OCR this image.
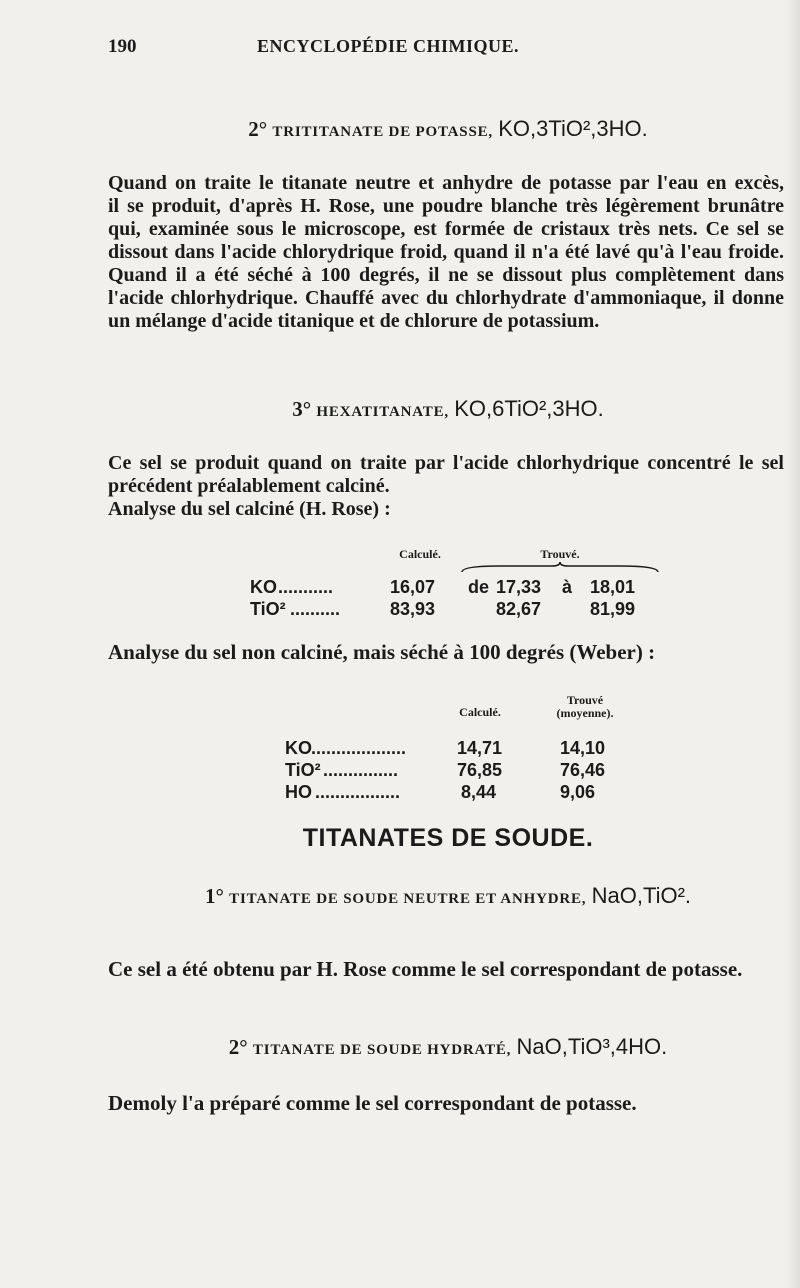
190	ENCYCLOPÉDIE CHIMIQUE.
2° TRITITANATE DE POTASSE, KO,3TiO²,3HO.
Quand on traite le titanate neutre et anhydre de potasse par l'eau en excès,
il se produit, d'après H. Rose, une poudre blanche très légèrement brunâtre
qui, examinée sous le microscope, est formée de cristaux très nets. Ce sel se
dissout dans l'acide chlorydrique froid, quand il n'a été lavé qu'à l'eau froide.
Quand il a été séché à 100 degrés, il ne se dissout plus complètement dans
l'acide chlorhydrique. Chauffé avec du chlorhydrate d'ammoniaque, il donne
un mélange d'acide titanique et de chlorure de potassium.
3° HEXATITANATE, KO,6TiO²,3HO.
Ce sel se produit quand on traite par l'acide chlorhydrique concentré le sel
précédent préalablement calciné.
Analyse du sel calciné (H. Rose) :
Calculé.	Trouvé.
KO ...........	16,07 de 17,33 à 18,01
TiO² ..........	83,93	82,67	81,99
Analyse du sel non calciné, mais séché à 100 degrés (Weber) :
Calculé.
Trouvé
(moyenne).
KO ...................	14,71	14,10
TiO² ...............	76,85	76,46
HO .................	8,44	9,06
TITANATES DE SOUDE.
1° TITANATE DE SOUDE NEUTRE ET ANHYDRE, NaO,TiO².
Ce sel a été obtenu par H. Rose comme le sel correspondant de potasse.
2° TITANATE DE SOUDE HYDRATÉ, NaO,TiO³,4HO.
Demoly l'a préparé comme le sel correspondant de potasse.
